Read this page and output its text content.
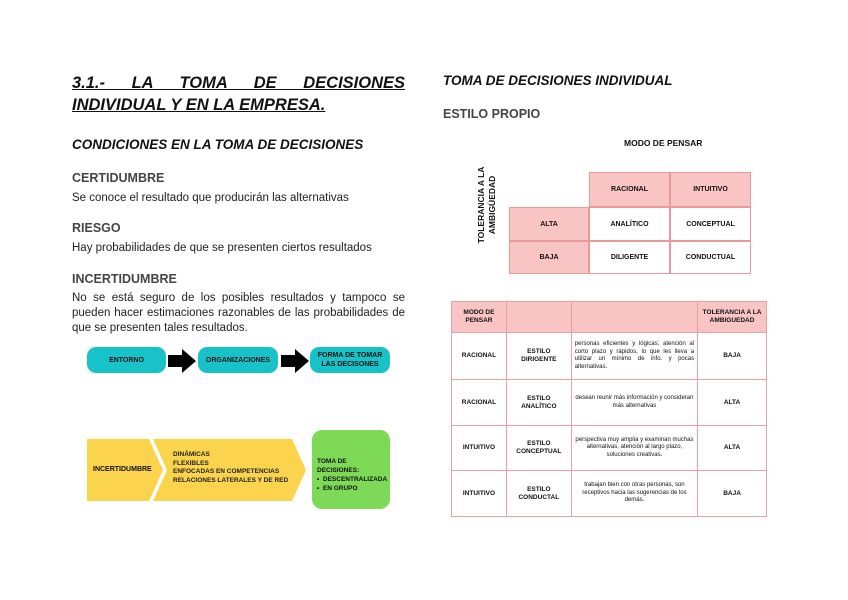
3.1.- LA TOMA DE DECISIONES
INDIVIDUAL Y EN LA EMPRESA.
CONDICIONES EN LA TOMA DE DECISIONES
CERTIDUMBRE
Se conoce el resultado que producirán las alternativas
RIESGO
Hay probabilidades de que se presenten ciertos resultados
INCERTIDUMBRE
No se está seguro de los posibles resultados y tampoco se pueden hacer estimaciones razonables de las probabilidades de que se presenten tales resultados.
ENTORNO	ORGANIZACIONES
FORMA DE TOMAR LAS DECISONES
INCERTIDUMBRE
DINÁMICAS
FLEXIBLES
ENFOCADAS EN COMPETENCIAS
RELACIONES LATERALES Y DE RED
TOMA DE DECISIONES:
•  DESCENTRALIZADA
•  EN GRUPO
TOMA DE DECISIONES INDIVIDUAL
ESTILO PROPIO
MODO DE PENSAR
TOLERANCIA A LA AMBIGÜEDAD	RACIONAL	INTUITIVO
ALTA	ANALÍTICO	CONCEPTUAL
BAJA	DILIGENTE	CONDUCTUAL
MODO DE PENSAR			TOLERANCIA A LA AMBIGUEDAD
RACIONAL	ESTILO DIRIGENTE	personas eficientes y lógicas; atención al corto plazo y rápidos, lo que les lleva a utilizar un mínimo de info. y pocas alternativas.	BAJA
RACIONAL	ESTILO ANALÍTICO	desean reunir más información y consideran más alternativas	ALTA
INTUITIVO	ESTILO CONCEPTUAL	perspectiva muy amplia y examinan muchas alternativas, atención al largo plazo, soluciones creativas.	ALTA
INTUITIVO	ESTILO CONDUCTAL	trabajan bien con otras personas, son receptivos hacia las sugerencias de los demás.	BAJA
